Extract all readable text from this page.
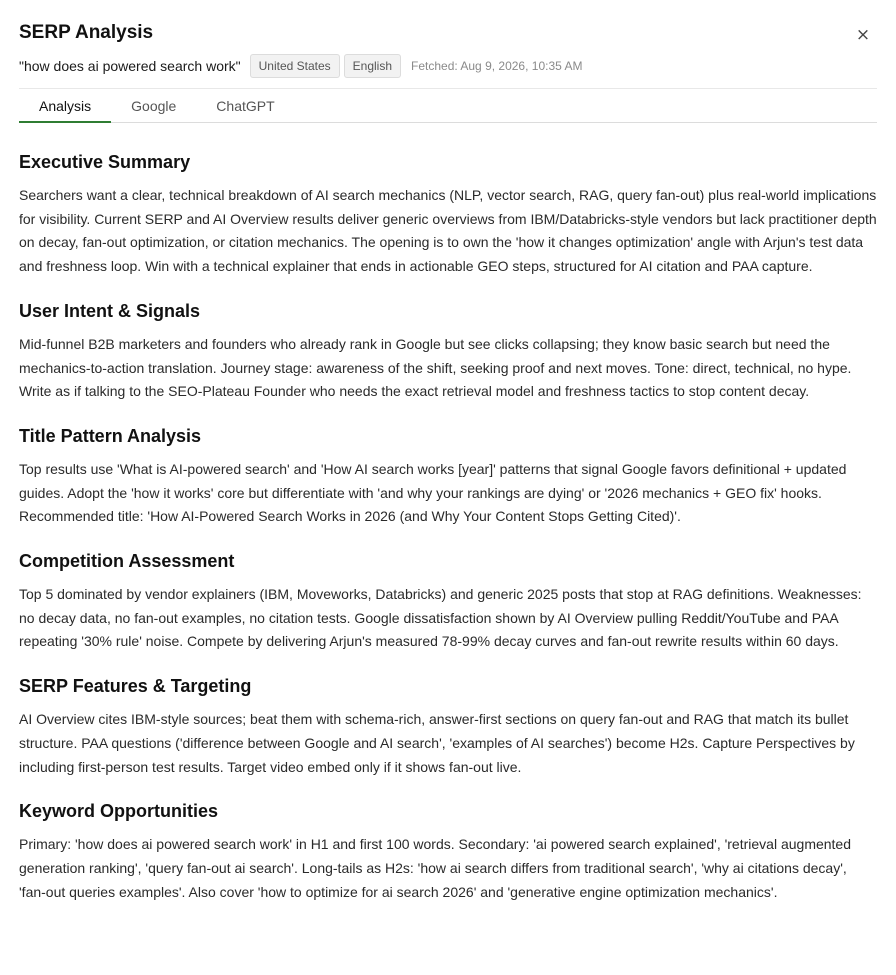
SERP Analysis	×
"how does ai powered search work"	United States	English	Fetched: Aug 9, 2026, 10:35 AM
Analysis	Google	ChatGPT
Executive Summary

Searchers want a clear, technical breakdown of AI search mechanics (NLP, vector search, RAG, query fan-out) plus real-world implications for visibility. Current SERP and AI Overview results deliver generic overviews from IBM/Databricks-style vendors but lack practitioner depth on decay, fan-out optimization, or citation mechanics. The opening is to own the 'how it changes optimization' angle with Arjun's test data and freshness loop. Win with a technical explainer that ends in actionable GEO steps, structured for AI citation and PAA capture.

User Intent & Signals

Mid-funnel B2B marketers and founders who already rank in Google but see clicks collapsing; they know basic search but need the mechanics-to-action translation. Journey stage: awareness of the shift, seeking proof and next moves. Tone: direct, technical, no hype. Write as if talking to the SEO-Plateau Founder who needs the exact retrieval model and freshness tactics to stop content decay.

Title Pattern Analysis

Top results use 'What is AI-powered search' and 'How AI search works [year]' patterns that signal Google favors definitional + updated guides. Adopt the 'how it works' core but differentiate with 'and why your rankings are dying' or '2026 mechanics + GEO fix' hooks. Recommended title: 'How AI-Powered Search Works in 2026 (and Why Your Content Stops Getting Cited)'.

Competition Assessment

Top 5 dominated by vendor explainers (IBM, Moveworks, Databricks) and generic 2025 posts that stop at RAG definitions. Weaknesses: no decay data, no fan-out examples, no citation tests. Google dissatisfaction shown by AI Overview pulling Reddit/YouTube and PAA repeating '30% rule' noise. Compete by delivering Arjun's measured 78-99% decay curves and fan-out rewrite results within 60 days.

SERP Features & Targeting

AI Overview cites IBM-style sources; beat them with schema-rich, answer-first sections on query fan-out and RAG that match its bullet structure. PAA questions ('difference between Google and AI search', 'examples of AI searches') become H2s. Capture Perspectives by including first-person test results. Target video embed only if it shows fan-out live.

Keyword Opportunities

Primary: 'how does ai powered search work' in H1 and first 100 words. Secondary: 'ai powered search explained', 'retrieval augmented generation ranking', 'query fan-out ai search'. Long-tails as H2s: 'how ai search differs from traditional search', 'why ai citations decay', 'fan-out queries examples'. Also cover 'how to optimize for ai search 2026' and 'generative engine optimization mechanics'.
